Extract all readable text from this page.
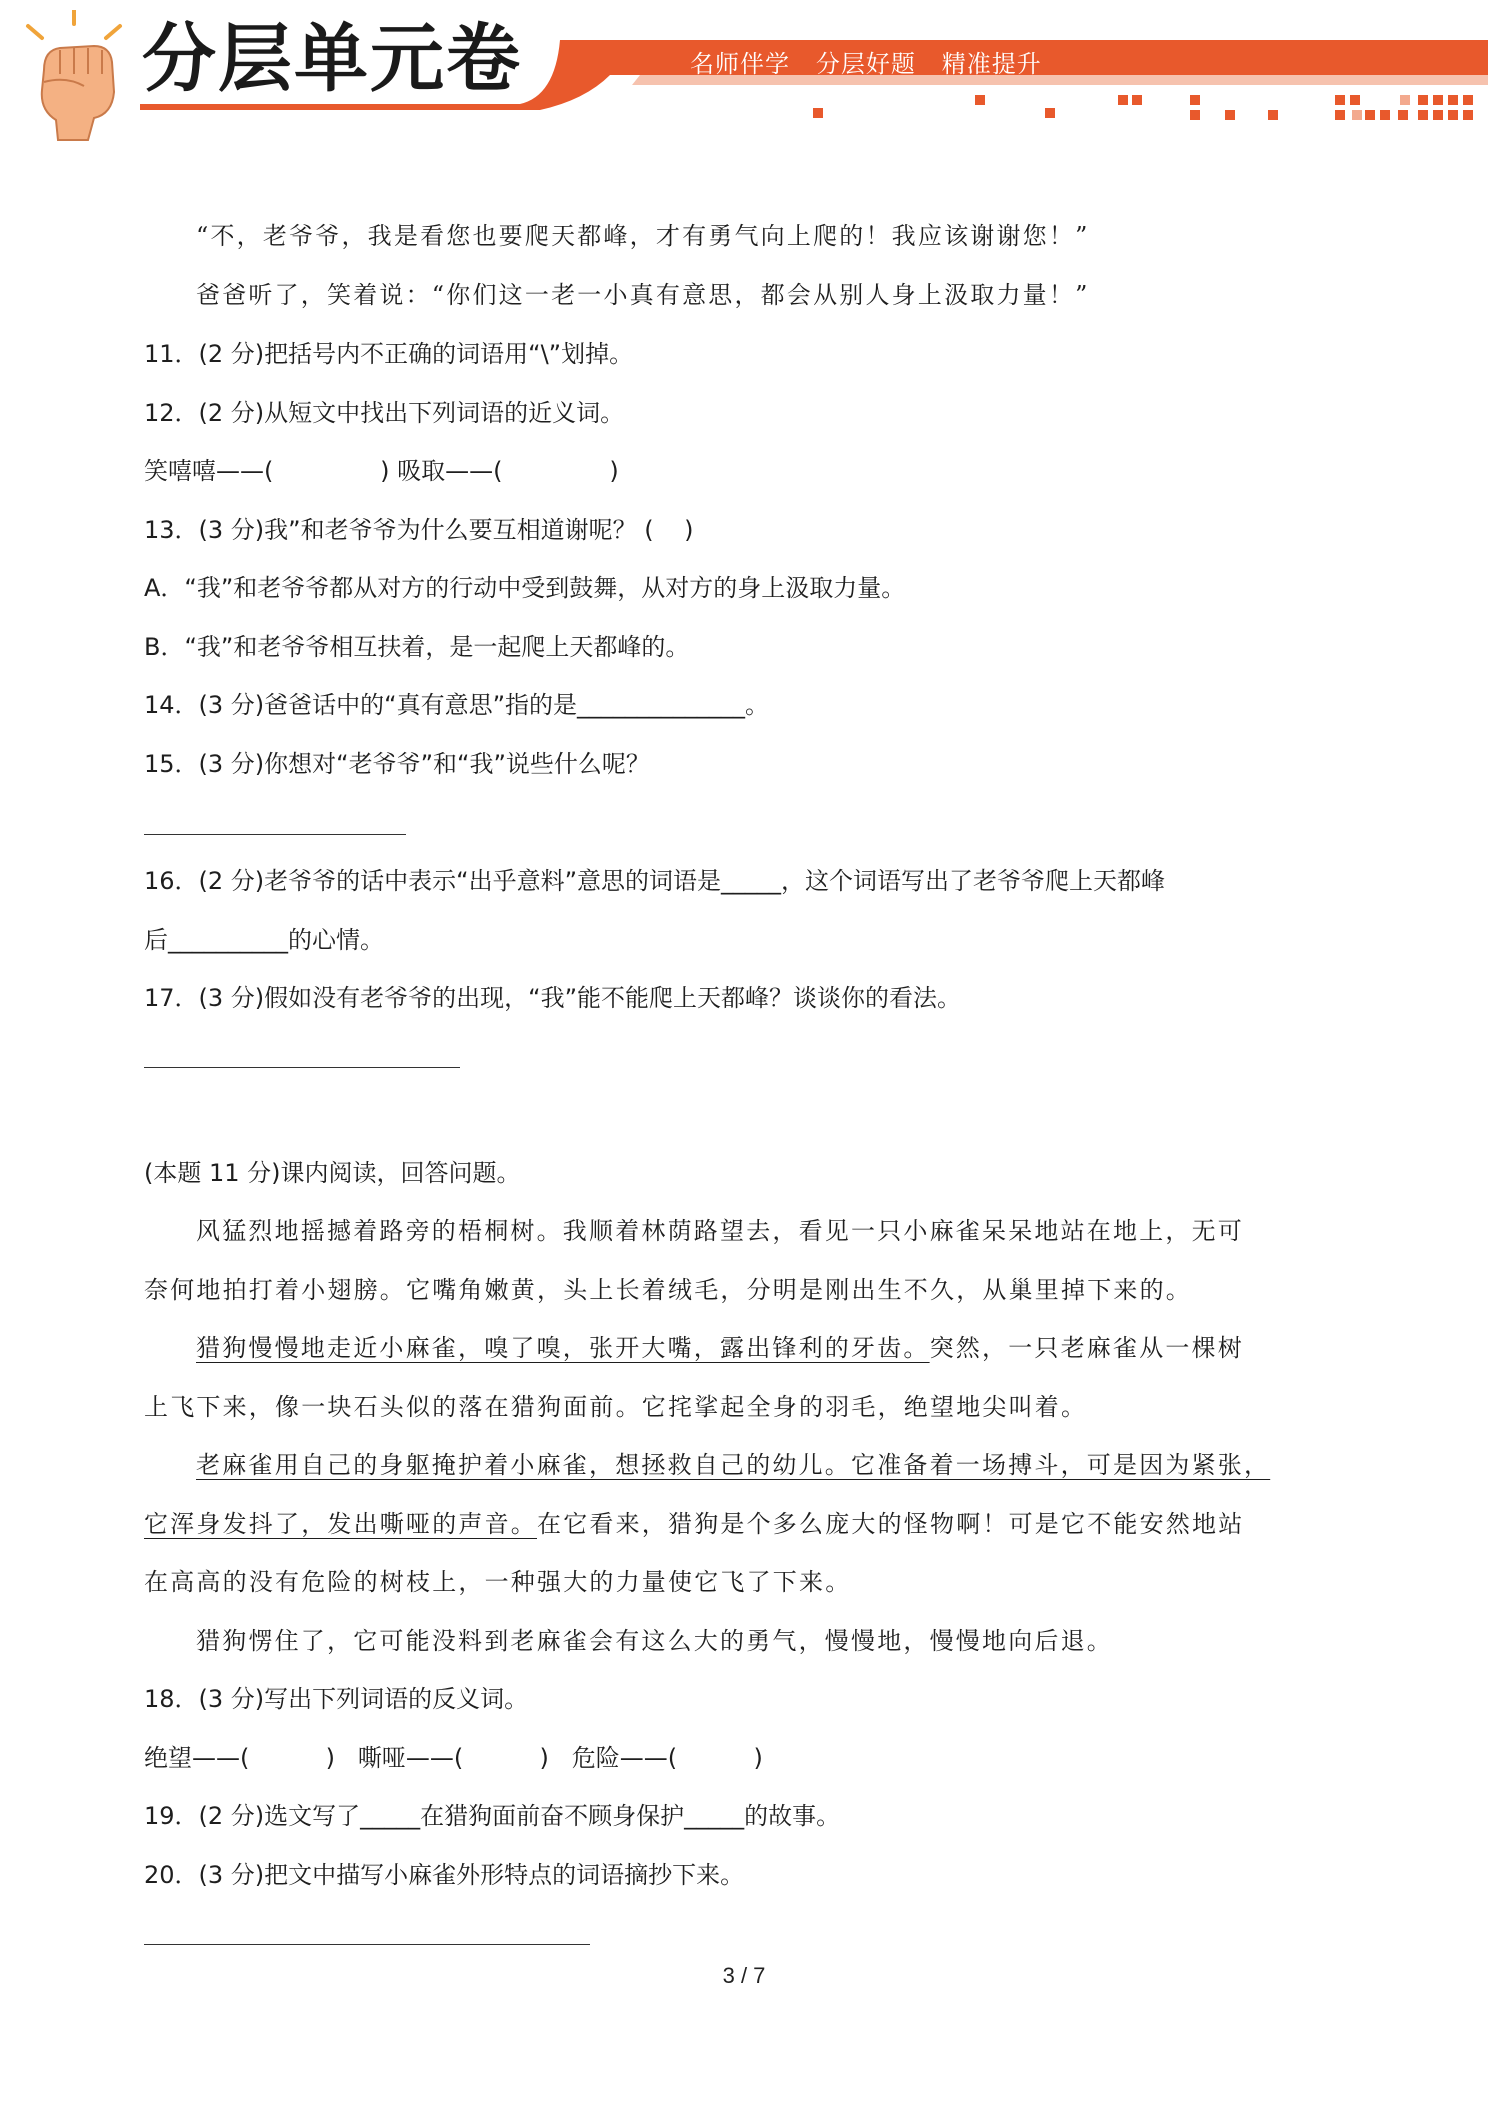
分层单元卷	名师伴学   分层好题   精准提升
“不，老爷爷，我是看您也要爬天都峰，才有勇气向上爬的！我应该谢谢您！”
爸爸听了，笑着说：“你们这一老一小真有意思，都会从别人身上汲取力量！”
11．(2 分)把括号内不正确的词语用“\”划掉。
12．(2 分)从短文中找出下列词语的近义词。
笑嘻嘻——(              ) 吸取——(              )
13．(3 分)我”和老爷爷为什么要互相道谢呢？ (    )
A．“我”和老爷爷都从对方的行动中受到鼓舞，从对方的身上汲取力量。
B．“我”和老爷爷相互扶着，是一起爬上天都峰的。
14．(3 分)爸爸话中的“真有意思”指的是______________。
15．(3 分)你想对“老爷爷”和“我”说些什么呢？
16．(2 分)老爷爷的话中表示“出乎意料”意思的词语是_____，这个词语写出了老爷爷爬上天都峰
后__________的心情。
17．(3 分)假如没有老爷爷的出现，“我”能不能爬上天都峰？谈谈你的看法。
(本题 11 分)课内阅读，回答问题。
风猛烈地摇撼着路旁的梧桐树。我顺着林荫路望去，看见一只小麻雀呆呆地站在地上，无可
奈何地拍打着小翅膀。它嘴角嫩黄，头上长着绒毛，分明是刚出生不久，从巢里掉下来的。
猎狗慢慢地走近小麻雀，嗅了嗅，张开大嘴，露出锋利的牙齿。突然，一只老麻雀从一棵树
上飞下来，像一块石头似的落在猎狗面前。它挓挲起全身的羽毛，绝望地尖叫着。
老麻雀用自己的身躯掩护着小麻雀，想拯救自己的幼儿。它准备着一场搏斗，可是因为紧张，
它浑身发抖了，发出嘶哑的声音。在它看来，猎狗是个多么庞大的怪物啊！可是它不能安然地站
在高高的没有危险的树枝上，一种强大的力量使它飞了下来。
猎狗愣住了，它可能没料到老麻雀会有这么大的勇气，慢慢地，慢慢地向后退。
18．(3 分)写出下列词语的反义词。
绝望——(          )   嘶哑——(          )   危险——(          )
19．(2 分)选文写了_____在猎狗面前奋不顾身保护_____的故事。
20．(3 分)把文中描写小麻雀外形特点的词语摘抄下来。
3 / 7
